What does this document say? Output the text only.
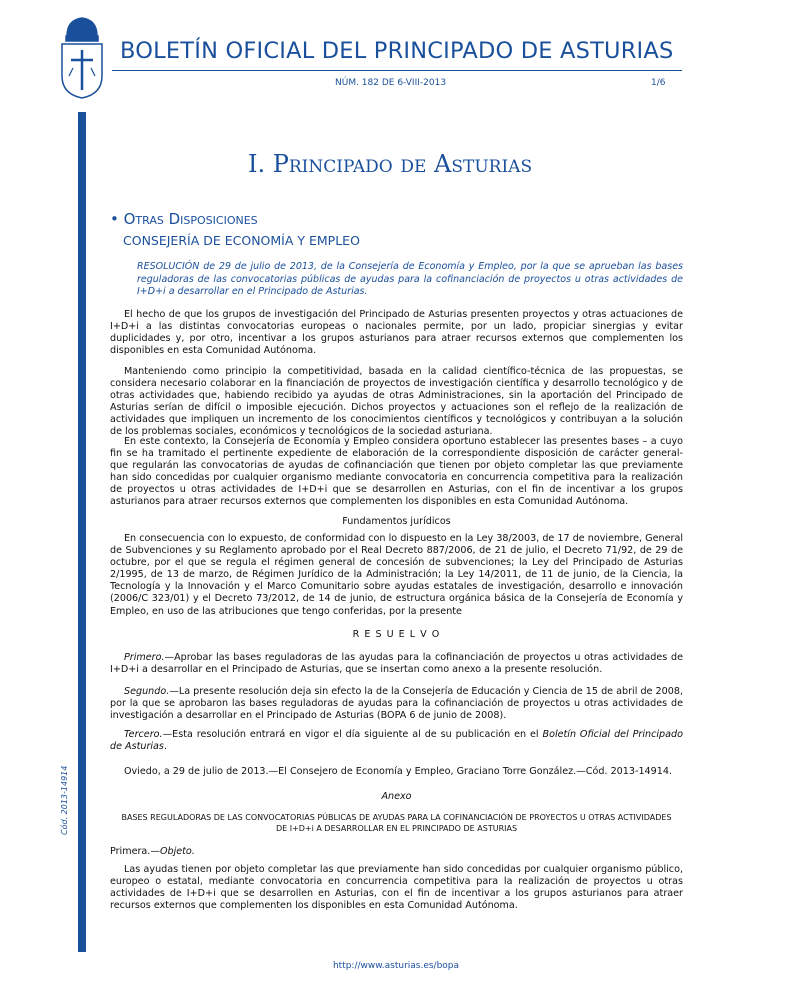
BOLETÍN OFICIAL DEL PRINCIPADO DE ASTURIAS
NÚM. 182 DE 6-VIII-2013	1/6
Cód. 2013-14914
I. Principado de Asturias
• Otras Disposiciones
CONSEJERÍA DE ECONOMÍA Y EMPLEO
RESOLUCIÓN de 29 de julio de 2013, de la Consejería de Economía y Empleo, por la que se aprueban las bases reguladoras de las convocatorias públicas de ayudas para la cofinanciación de proyectos u otras actividades de I+D+i a desarrollar en el Principado de Asturias.

El hecho de que los grupos de investigación del Principado de Asturias presenten proyectos y otras actuaciones de I+D+i a las distintas convocatorias europeas o nacionales permite, por un lado, propiciar sinergias y evitar duplicidades y, por otro, incentivar a los grupos asturianos para atraer recursos externos que complementen los disponibles en esta Comunidad Autónoma.

Manteniendo como principio la competitividad, basada en la calidad científico-técnica de las propuestas, se considera necesario colaborar en la financiación de proyectos de investigación científica y desarrollo tecnológico y de otras actividades que, habiendo recibido ya ayudas de otras Administraciones, sin la aportación del Principado de Asturias serían de difícil o imposible ejecución. Dichos proyectos y actuaciones son el reflejo de la realización de actividades que impliquen un incremento de los conocimientos científicos y tecnológicos y contribuyan a la solución de los problemas sociales, económicos y tecnológicos de la sociedad asturiana.

En este contexto, la Consejería de Economía y Empleo considera oportuno establecer las presentes bases – a cuyo fin se ha tramitado el pertinente expediente de elaboración de la correspondiente disposición de carácter general- que regularán las convocatorias de ayudas de cofinanciación que tienen por objeto completar las que previamente han sido concedidas por cualquier organismo mediante convocatoria en concurrencia competitiva para la realización de proyectos u otras actividades de I+D+i que se desarrollen en Asturias, con el fin de incentivar a los grupos asturianos para atraer recursos externos que complementen los disponibles en esta Comunidad Autónoma.

Fundamentos jurídicos

En consecuencia con lo expuesto, de conformidad con lo dispuesto en la Ley 38/2003, de 17 de noviembre, General de Subvenciones y su Reglamento aprobado por el Real Decreto 887/2006, de 21 de julio, el Decreto 71/92, de 29 de octubre, por el que se regula el régimen general de concesión de subvenciones; la Ley del Principado de Asturias 2/1995, de 13 de marzo, de Régimen Jurídico de la Administración; la Ley 14/2011, de 11 de junio, de la Ciencia, la Tecnología y la Innovación y el Marco Comunitario sobre ayudas estatales de investigación, desarrollo e innovación (2006/C 323/01) y el Decreto 73/2012, de 14 de junio, de estructura orgánica básica de la Consejería de Economía y Empleo, en uso de las atribuciones que tengo conferidas, por la presente

R E S U E L V O

Primero.—Aprobar las bases reguladoras de las ayudas para la cofinanciación de proyectos u otras actividades de I+D+i a desarrollar en el Principado de Asturias, que se insertan como anexo a la presente resolución.

Segundo.—La presente resolución deja sin efecto la de la Consejería de Educación y Ciencia de 15 de abril de 2008, por la que se aprobaron las bases reguladoras de ayudas para la cofinanciación de proyectos u otras actividades de investigación a desarrollar en el Principado de Asturias (BOPA 6 de junio de 2008).

Tercero.—Esta resolución entrará en vigor el día siguiente al de su publicación en el Boletín Oficial del Principado de Asturias.

Oviedo, a 29 de julio de 2013.—El Consejero de Economía y Empleo, Graciano Torre González.—Cód. 2013-14914.

Anexo

BASES REGULADORAS DE LAS CONVOCATORIAS PÚBLICAS DE AYUDAS PARA LA COFINANCIACIÓN DE PROYECTOS U OTRAS ACTIVIDADES DE I+D+i A DESARROLLAR EN EL PRINCIPADO DE ASTURIAS

Primera.—Objeto.

Las ayudas tienen por objeto completar las que previamente han sido concedidas por cualquier organismo público, europeo o estatal, mediante convocatoria en concurrencia competitiva para la realización de proyectos u otras actividades de I+D+i que se desarrollen en Asturias, con el fin de incentivar a los grupos asturianos para atraer recursos externos que complementen los disponibles en esta Comunidad Autónoma.

http://www.asturias.es/bopa
